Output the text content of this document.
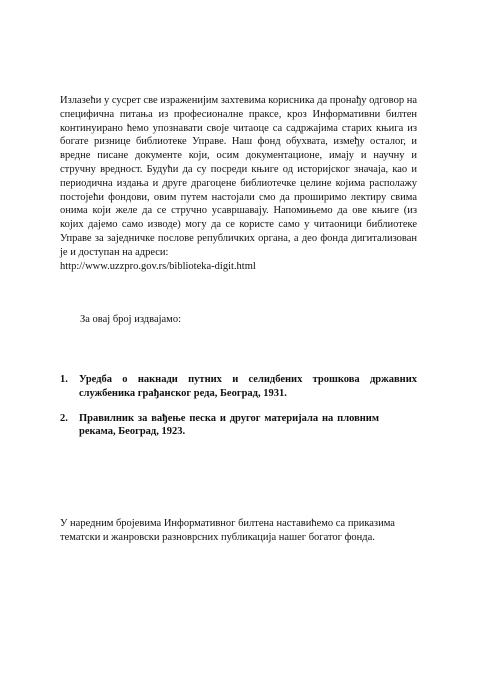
Излазећи у сусрет све израженијим захтевима корисника да пронађу одговор на специфична питања из професионалне праксе, кроз Информативни билтен континуирано ћемо упознавати своје читаоце са садржајима старих књига из богате ризнице библиотеке Управе. Наш фонд обухвата, између осталог, и вредне писане документе који, осим документационе, имају и научну и стручну вредност. Будући да су посреди књиге од историјског значаја, као и периодична издања и друге драгоцене библиотечке целине којима располажу постојећи фондови, овим путем настојали смо да проширимо лектиру свима онима који желе да се стручно усавршавају. Напомињемо да ове књиге (из којих дајемо само изводе) могу да се користе само у читаоници библиотеке Управе за заједничке послове републичких органа, а део фонда дигитализован је и доступан на адреси:
http://www.uzzpro.gov.rs/biblioteka-digit.html

За овај број издвајамо:

1. Уредба о накнади путних и селидбених трошкова државних службеника грађанског реда, Београд, 1931.
2. Правилник за вађење песка и другог материјала на пловним рекама, Београд, 1923.

У наредним бројевима Информативног билтена наставићемо са приказима тематски и жанровски разноврсних публикација нашег богатог фонда.
